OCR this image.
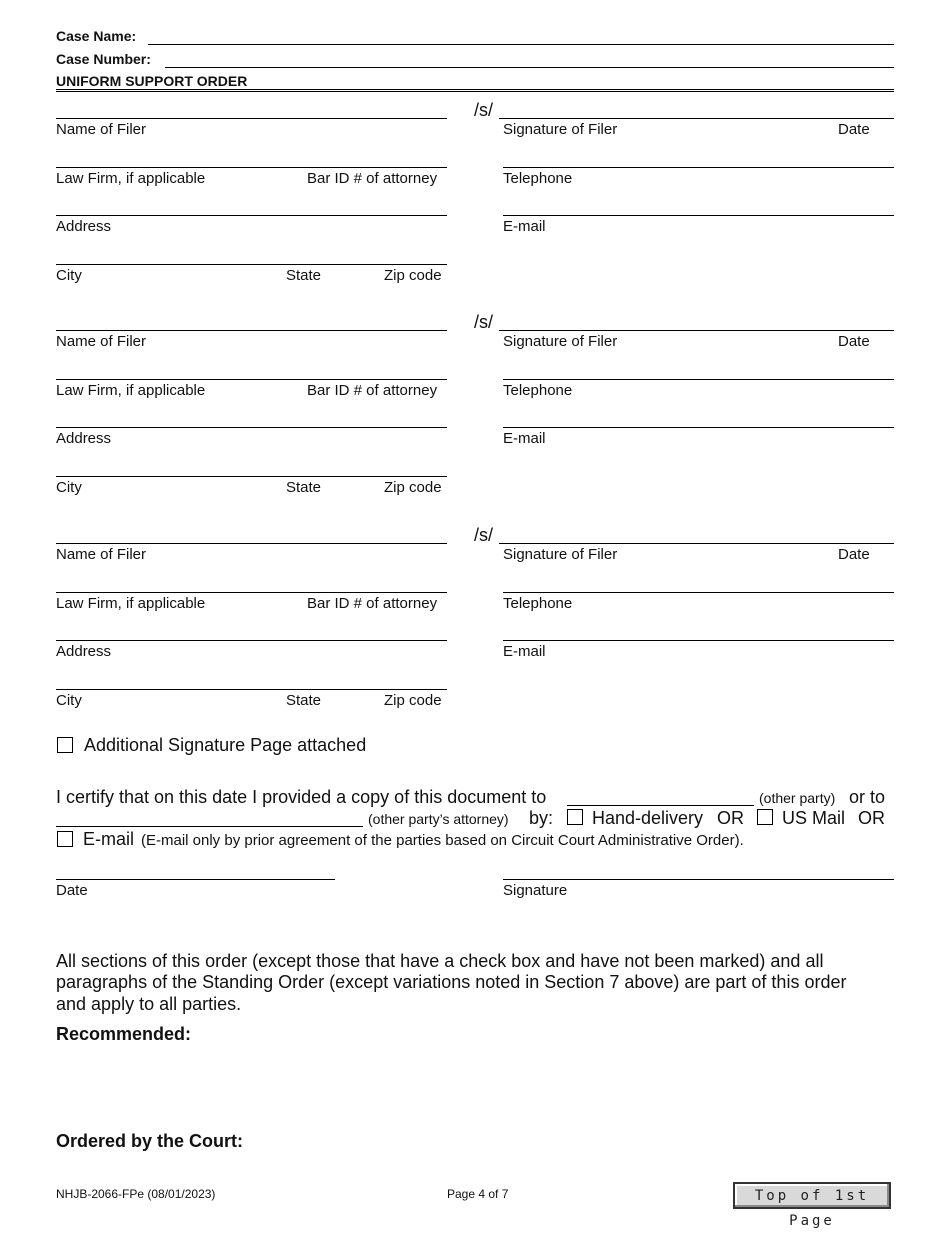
Case Name:
Case Number:
UNIFORM SUPPORT ORDER
/s/
Name of Filer	Signature of Filer	Date
Law Firm, if applicable	Bar ID # of attorney	Telephone
Address	E-mail
City	State	Zip code
/s/
Name of Filer	Signature of Filer	Date
Law Firm, if applicable	Bar ID # of attorney	Telephone
Address	E-mail
City	State	Zip code
/s/
Name of Filer	Signature of Filer	Date
Law Firm, if applicable	Bar ID # of attorney	Telephone
Address	E-mail
City	State	Zip code
Additional Signature Page attached
I certify that on this date I provided a copy of this document to	(other party) or to
(other party’s attorney) by: Hand-delivery OR US Mail OR
E-mail (E-mail only by prior agreement of the parties based on Circuit Court Administrative Order).
Date	Signature
All sections of this order (except those that have a check box and have not been marked) and all
paragraphs of the Standing Order (except variations noted in Section 7 above) are part of this order
and apply to all parties.
Recommended:
Ordered by the Court:
NHJB-2066-FPe (08/01/2023)	Page 4 of 7	Top of 1st Page
